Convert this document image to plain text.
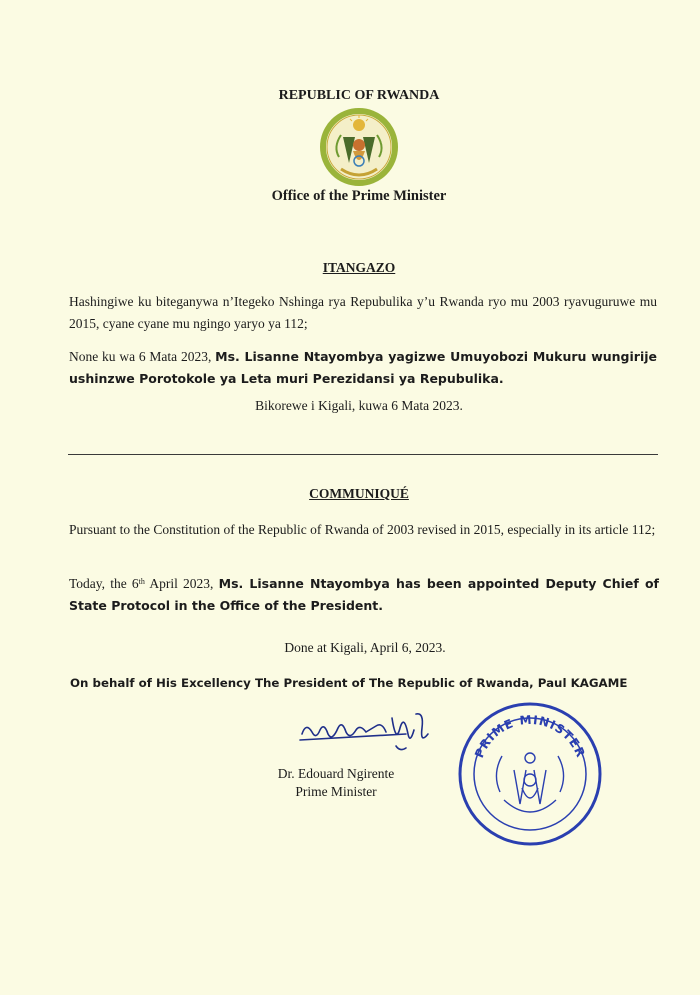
REPUBLIC OF RWANDA
Office of the Prime Minister
ITANGAZO
Hashingiwe ku biteganywa n’Itegeko Nshinga rya Repubulika y’u Rwanda ryo mu 2003 ryavuguruwe mu 2015, cyane cyane mu ngingo yaryo ya 112;
None ku wa 6 Mata 2023, Ms. Lisanne Ntayombya yagizwe Umuyobozi Mukuru wungirije ushinzwe Porotokole ya Leta muri Perezidansi ya Repubulika.
Bikorewe i Kigali, kuwa 6 Mata 2023.
COMMUNIQUÉ
Pursuant to the Constitution of the Republic of Rwanda of 2003 revised in 2015, especially in its article 112;
Today, the 6th April 2023, Ms. Lisanne Ntayombya has been appointed Deputy Chief of State Protocol in the Office of the President.
Done at Kigali, April 6, 2023.
On behalf of His Excellency The President of The Republic of Rwanda, Paul KAGAME
Dr. Edouard Ngirente
Prime Minister
PRIME MINISTER
